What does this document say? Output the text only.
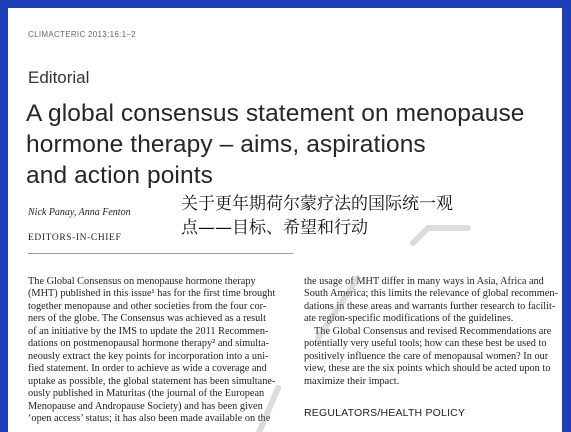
CLIMACTERIC 2013;16:1–2
Editorial
A global consensus statement on menopause
hormone therapy – aims, aspirations
and action points
Nick Panay, Anna Fenton
EDITORS-IN-CHIEF
关于更年期荷尔蒙疗法的国际统一观
点——目标、希望和行动
The Global Consensus on menopause hormone therapy
(MHT) published in this issue¹ has for the first time brought
together menopause and other societies from the four cor-
ners of the globe. The Consensus was achieved as a result
of an initiative by the IMS to update the 2011 Recommen-
dations on postmenopausal hormone therapy² and simulta-
neously extract the key points for incorporation into a uni-
fied statement. In order to achieve as wide a coverage and
uptake as possible, the global statement has been simultane-
ously published in Maturitas (the journal of the European
Menopause and Andropause Society) and has been given
‘open access’ status; it has also been made available on the
the usage of MHT differ in many ways in Asia, Africa and
South America; this limits the relevance of global recommen-
dations in these areas and warrants further research to facilit-
ate region-specific modifications of the guidelines.
The Global Consensus and revised Recommendations are
potentially very useful tools; how can these best be used to
positively influence the care of menopausal women? In our
view, these are the six points which should be acted upon to
maximize their impact.
REGULATORS/HEALTH POLICY
